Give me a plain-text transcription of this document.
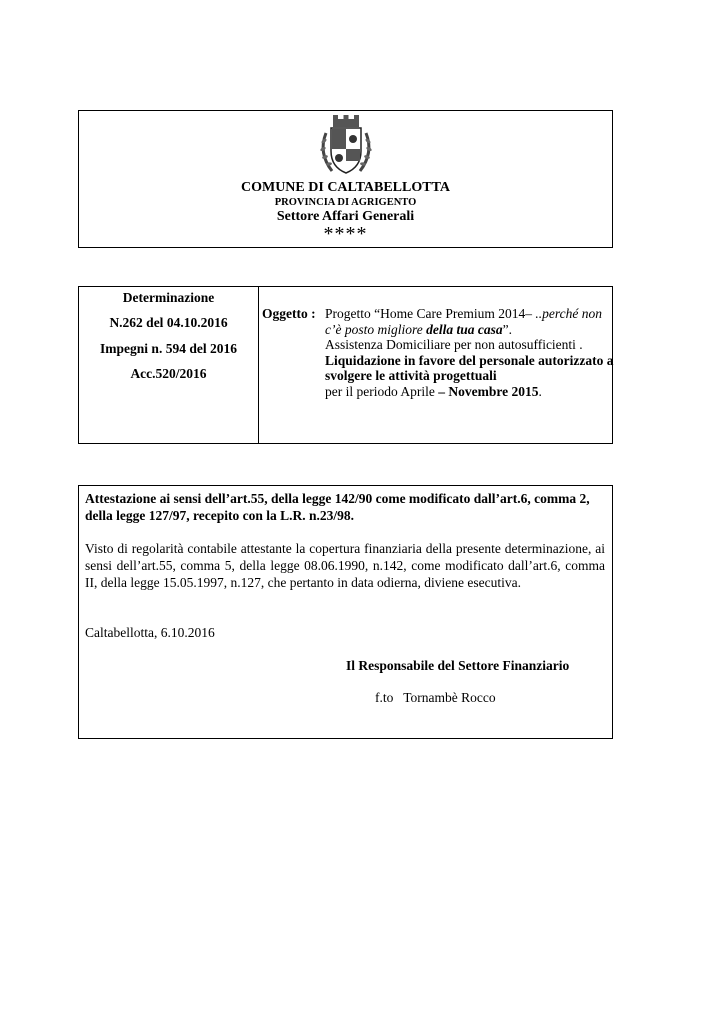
COMUNE DI CALTABELLOTTA
PROVINCIA DI AGRIGENTO
Settore Affari Generali
****
Determinazione
N.262 del 04.10.2016
Impegni n. 594 del 2016
Acc.520/2016
Oggetto : Progetto “Home Care Premium 2014– ..perché non c’è posto migliore della tua casa”.
Assistenza Domiciliare per non autosufficienti .
Liquidazione in favore del personale autorizzato a svolgere le attività progettuali
per il periodo Aprile – Novembre 2015.
Attestazione ai sensi dell’art.55, della legge 142/90 come modificato dall’art.6, comma 2, della legge 127/97, recepito con la L.R. n.23/98.
Visto di regolarità contabile attestante la copertura finanziaria della presente determinazione, ai sensi dell’art.55, comma 5, della legge 08.06.1990, n.142, come modificato dall’art.6, comma II, della legge 15.05.1997, n.127, che pertanto in data odierna, diviene esecutiva.
Caltabellotta, 6.10.2016
Il Responsabile del Settore Finanziario
f.to   Tornambè Rocco
